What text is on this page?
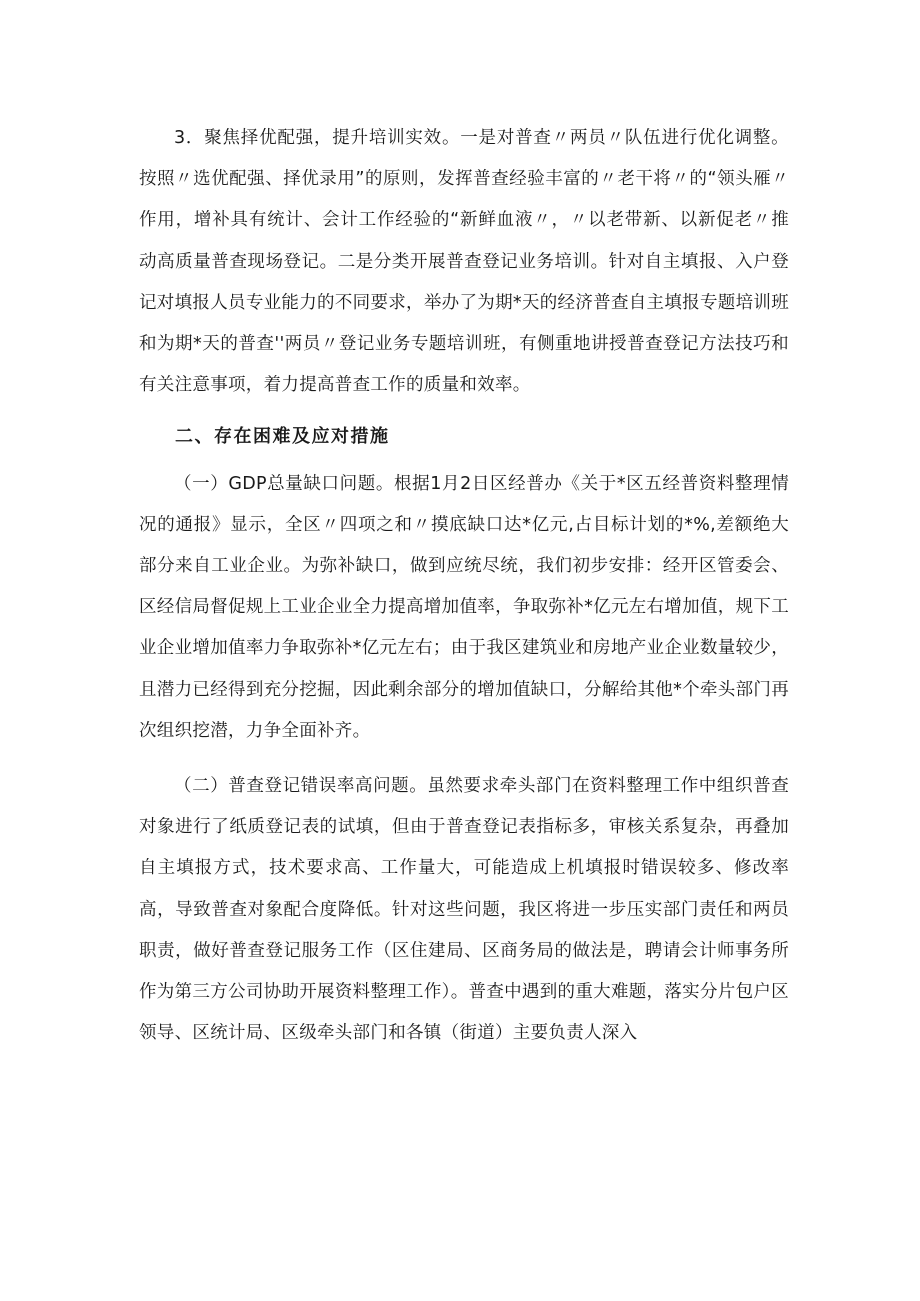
3．聚焦择优配强，提升培训实效。一是对普查〃两员〃队伍进行优化调整。按照〃选优配强、择优录用”的原则，发挥普查经验丰富的〃老干将〃的“领头雁〃作用，增补具有统计、会计工作经验的“新鲜血液〃，〃以老带新、以新促老〃推动高质量普查现场登记。二是分类开展普查登记业务培训。针对自主填报、入户登记对填报人员专业能力的不同要求，举办了为期*天的经济普查自主填报专题培训班和为期*天的普查''两员〃登记业务专题培训班，有侧重地讲授普查登记方法技巧和有关注意事项，着力提高普查工作的质量和效率。

二、存在困难及应对措施

（一）GDP总量缺口问题。根据1月2日区经普办《关于*区五经普资料整理情况的通报》显示，全区〃四项之和〃摸底缺口达*亿元,占目标计划的*%,差额绝大部分来自工业企业。为弥补缺口，做到应统尽统，我们初步安排：经开区管委会、区经信局督促规上工业企业全力提高增加值率，争取弥补*亿元左右增加值，规下工业企业增加值率力争取弥补*亿元左右；由于我区建筑业和房地产业企业数量较少，且潜力已经得到充分挖掘，因此剩余部分的增加值缺口，分解给其他*个牵头部门再次组织挖潜，力争全面补齐。

（二）普查登记错误率高问题。虽然要求牵头部门在资料整理工作中组织普查对象进行了纸质登记表的试填，但由于普查登记表指标多，审核关系复杂，再叠加自主填报方式，技术要求高、工作量大，可能造成上机填报时错误较多、修改率高，导致普查对象配合度降低。针对这些问题，我区将进一步压实部门责任和两员职责，做好普查登记服务工作（区住建局、区商务局的做法是，聘请会计师事务所作为第三方公司协助开展资料整理工作）。普查中遇到的重大难题，落实分片包户区领导、区统计局、区级牵头部门和各镇（街道）主要负责人深入
